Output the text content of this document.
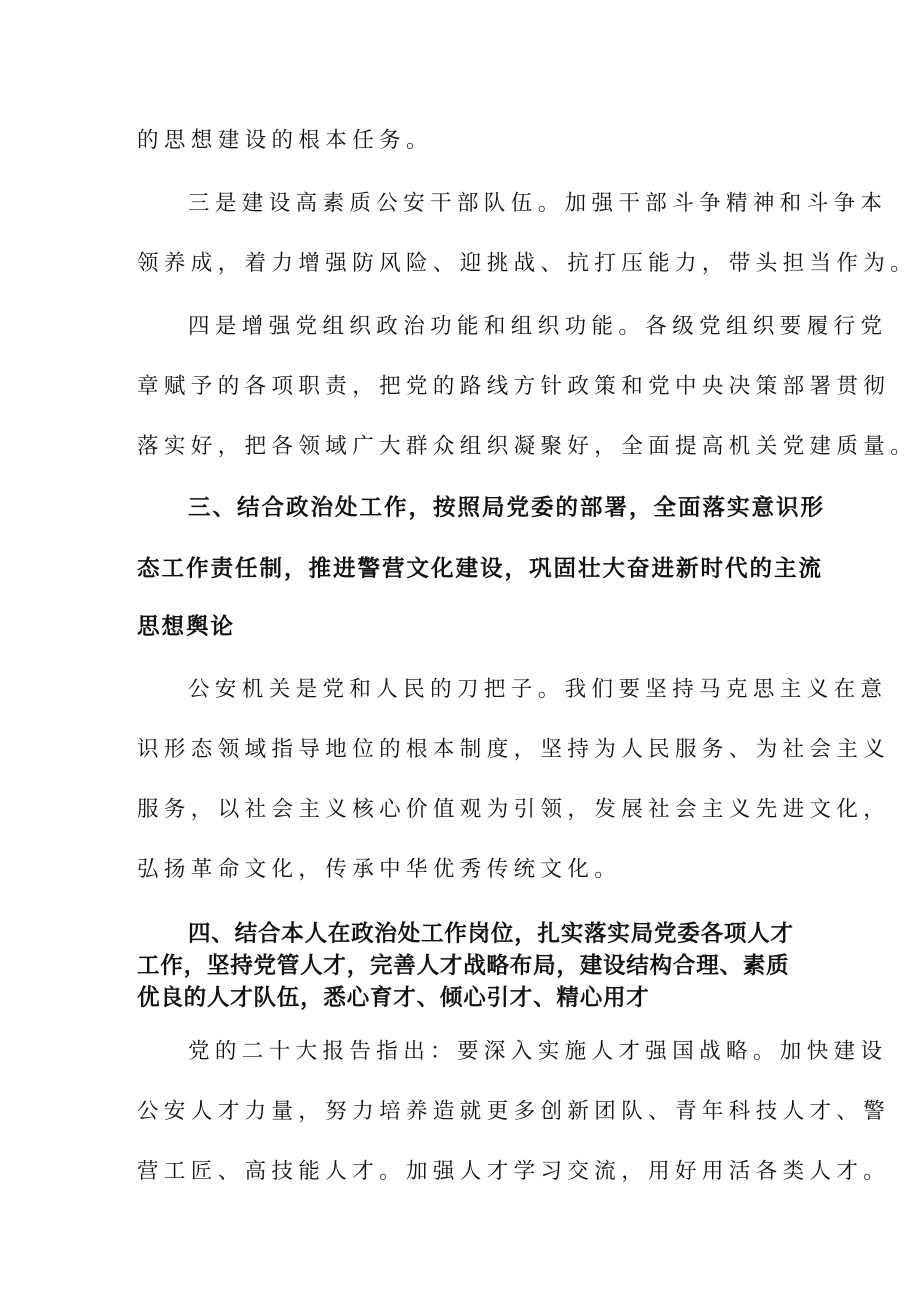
的思想建设的根本任务。

三是建设高素质公安干部队伍。加强干部斗争精神和斗争本

领养成，着力增强防风险、迎挑战、抗打压能力，带头担当作为。

四是增强党组织政治功能和组织功能。各级党组织要履行党

章赋予的各项职责，把党的路线方针政策和党中央决策部署贯彻

落实好，把各领域广大群众组织凝聚好，全面提高机关党建质量。

三、结合政治处工作，按照局党委的部署，全面落实意识形

态工作责任制，推进警营文化建设，巩固壮大奋进新时代的主流

思想舆论

公安机关是党和人民的刀把子。我们要坚持马克思主义在意

识形态领域指导地位的根本制度，坚持为人民服务、为社会主义

服务，以社会主义核心价值观为引领，发展社会主义先进文化，

弘扬革命文化，传承中华优秀传统文化。

四、结合本人在政治处工作岗位，扎实落实局党委各项人才

工作，坚持党管人才，完善人才战略布局，建设结构合理、素质

优良的人才队伍，悉心育才、倾心引才、精心用才

党的二十大报告指出：要深入实施人才强国战略。加快建设

公安人才力量，努力培养造就更多创新团队、青年科技人才、警

营工匠、高技能人才。加强人才学习交流，用好用活各类人才。
